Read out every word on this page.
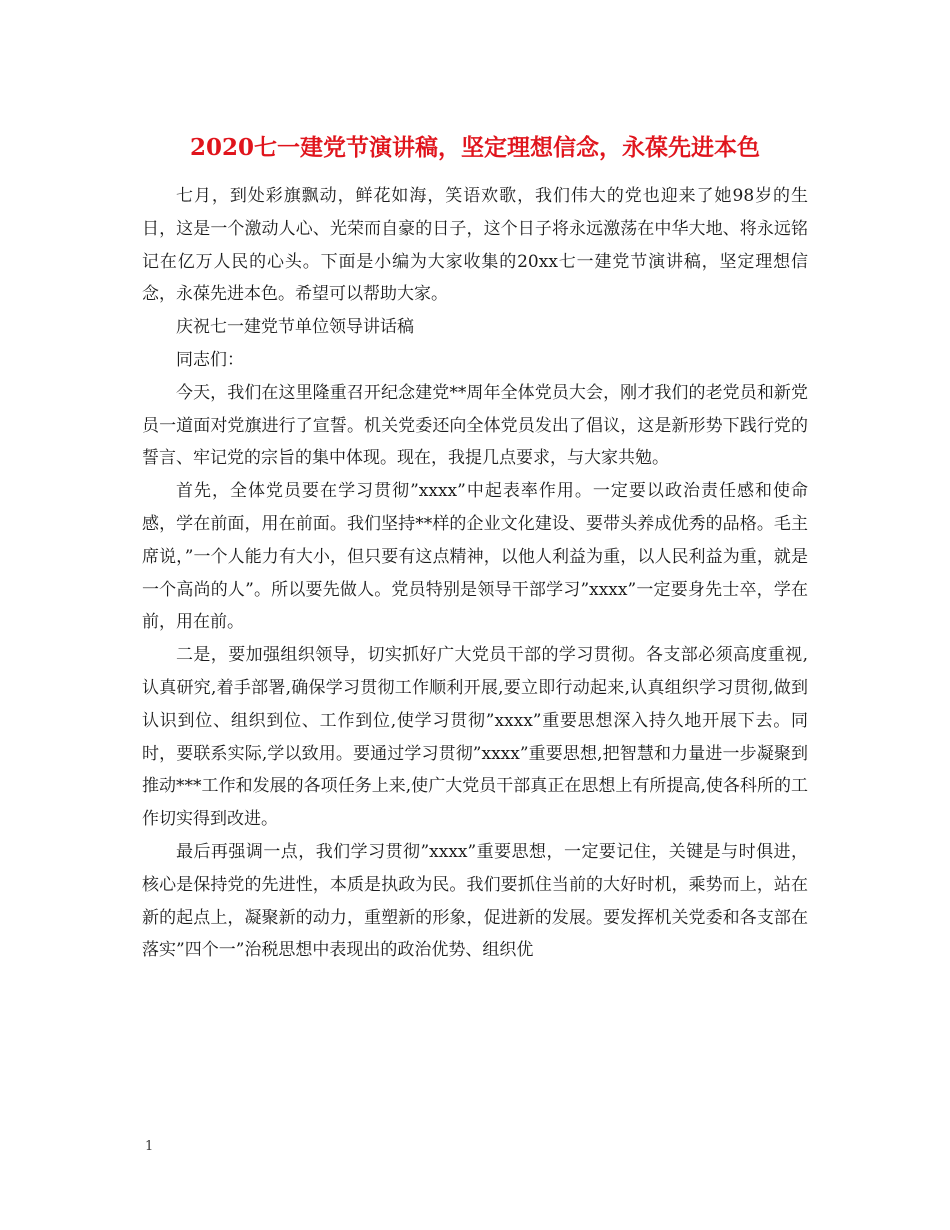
2020七一建党节演讲稿，坚定理想信念，永葆先进本色

七月，到处彩旗飘动，鲜花如海，笑语欢歌，我们伟大的党也迎来了她98岁的生日，这是一个激动人心、光荣而自豪的日子，这个日子将永远激荡在中华大地、将永远铭记在亿万人民的心头。下面是小编为大家收集的20xx七一建党节演讲稿，坚定理想信念，永葆先进本色。希望可以帮助大家。

庆祝七一建党节单位领导讲话稿

同志们：

今天，我们在这里隆重召开纪念建党**周年全体党员大会，刚才我们的老党员和新党员一道面对党旗进行了宣誓。机关党委还向全体党员发出了倡议，这是新形势下践行党的誓言、牢记党的宗旨的集中体现。现在，我提几点要求，与大家共勉。

首先，全体党员要在学习贯彻”xxxx”中起表率作用。一定要以政治责任感和使命感，学在前面，用在前面。我们坚持**样的企业文化建设、要带头养成优秀的品格。毛主席说，”一个人能力有大小，但只要有这点精神，以他人利益为重，以人民利益为重，就是一个高尚的人”。所以要先做人。党员特别是领导干部学习”xxxx”一定要身先士卒，学在前，用在前。

二是，要加强组织领导，切实抓好广大党员干部的学习贯彻。各支部必须高度重视,认真研究,着手部署,确保学习贯彻工作顺利开展,要立即行动起来,认真组织学习贯彻,做到认识到位、组织到位、工作到位,使学习贯彻”xxxx”重要思想深入持久地开展下去。同时，要联系实际,学以致用。要通过学习贯彻”xxxx”重要思想,把智慧和力量进一步凝聚到推动***工作和发展的各项任务上来,使广大党员干部真正在思想上有所提高,使各科所的工作切实得到改进。

最后再强调一点，我们学习贯彻”xxxx”重要思想，一定要记住，关键是与时俱进，核心是保持党的先进性，本质是执政为民。我们要抓住当前的大好时机，乘势而上，站在新的起点上，凝聚新的动力，重塑新的形象，促进新的发展。要发挥机关党委和各支部在落实”四个一”治税思想中表现出的政治优势、组织优

1
